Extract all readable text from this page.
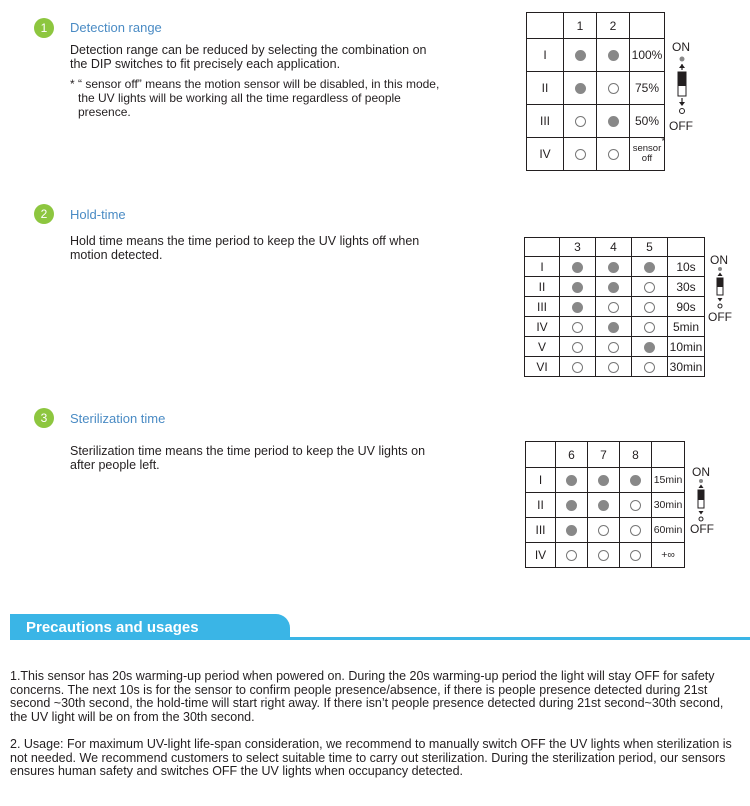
1	Detection range
Detection range can be reduced by selecting the combination on the DIP switches to fit precisely each application.
* “ sensor off” means the motion sensor will be disabled, in this mode, the UV lights will be working all the time regardless of people presence.
	1	2	
I			100%
II			75%
III			50%
IV			sensor
off
*
ON
OFF
2	Hold-time
Hold time means the time period to keep the UV lights off when motion detected.
	3	4	5	
I				10s
II				30s
III				90s
IV				5min
V				10min
VI				30min
ON
OFF
3	Sterilization time
Sterilization time means the time period to keep the UV lights on after people left.
	6	7	8	
I				15min
II				30min
III				60min
IV				+∞
ON
OFF
Precautions and usages
1.This sensor has 20s warming-up period when powered on. During the 20s warming-up period the light will stay OFF for safety concerns. The next 10s is for the sensor to confirm people presence/absence, if there is people presence detected during 21st second ~30th second, the hold-time will start right away. If there isn’t people presence detected during 21st second~30th second, the UV light will be on from the 30th second.
2. Usage: For maximum UV-light life-span consideration, we recommend to manually switch OFF the UV lights when sterilization is not needed. We recommend customers to select suitable time to carry out sterilization. During the sterilization period, our sensors ensures human safety and switches OFF the UV lights when occupancy detected.
